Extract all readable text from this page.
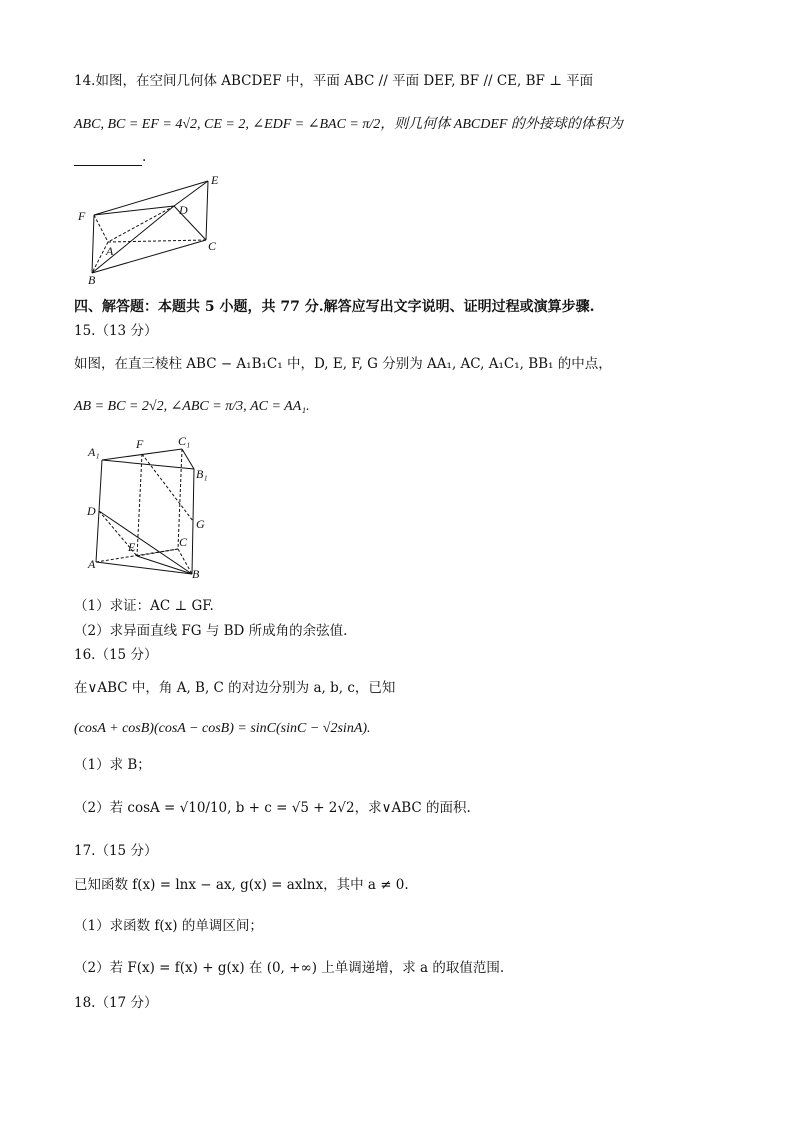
14.如图，在空间几何体 ABCDEF 中，平面 ABC // 平面 DEF, BF // CE, BF ⊥ 平面
ABC, BC = EF = 4√2, CE = 2, ∠EDF = ∠BAC = π/2，则几何体 ABCDEF 的外接球的体积为
.
E
D
F
A	C
B
四、解答题：本题共 5 小题，共 77 分.解答应写出文字说明、证明过程或演算步骤.
15.（13 分）
如图，在直三棱柱 ABC − A₁B₁C₁ 中，D, E, F, G 分别为 AA₁, AC, A₁C₁, BB₁ 的中点，
AB = BC = 2√2, ∠ABC = π/3, AC = AA₁.
A₁
F	C₁
B₁
D
G
E	C
A
B
（1）求证：AC ⊥ GF.
（2）求异面直线 FG 与 BD 所成角的余弦值.
16.（15 分）
在∨ABC 中，角 A, B, C 的对边分别为 a, b, c，已知
(cosA + cosB)(cosA − cosB) = sinC(sinC − √2sinA).
（1）求 B；
（2）若 cosA = √10/10, b + c = √5 + 2√2，求∨ABC 的面积.
17.（15 分）
已知函数 f(x) = lnx − ax, g(x) = axlnx，其中 a ≠ 0.
（1）求函数 f(x) 的单调区间；
（2）若 F(x) = f(x) + g(x) 在 (0, +∞) 上单调递增，求 a 的取值范围.
18.（17 分）
